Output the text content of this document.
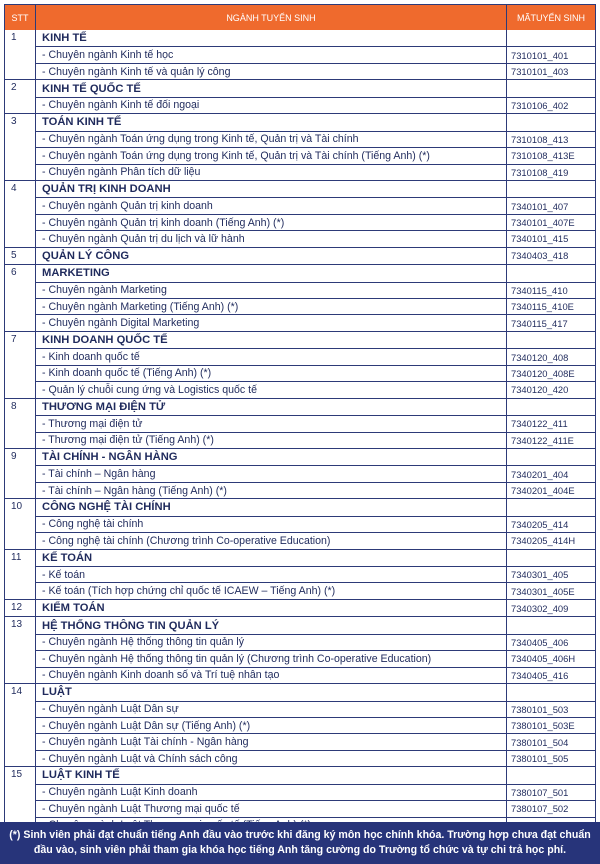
STT	NGÀNH TUYỂN SINH	MÃ TUYỂN SINH
1	KINH TẾ
- Chuyên ngành Kinh tế học	7310101_401
- Chuyên ngành Kinh tế và quản lý công	7310101_403
2	KINH TẾ QUỐC TẾ
- Chuyên ngành Kinh tế đối ngoại	7310106_402
3	TOÁN KINH TẾ
- Chuyên ngành Toán ứng dụng trong Kinh tế, Quản trị và Tài chính	7310108_413
- Chuyên ngành Toán ứng dụng trong Kinh tế, Quản trị và Tài chính (Tiếng Anh) (*)	7310108_413E
- Chuyên ngành Phân tích dữ liệu	7310108_419
4	QUẢN TRỊ KINH DOANH
- Chuyên ngành Quản trị kinh doanh	7340101_407
- Chuyên ngành Quản trị kinh doanh (Tiếng Anh) (*)	7340101_407E
- Chuyên ngành Quản trị du lịch và lữ hành	7340101_415
5	QUẢN LÝ CÔNG	7340403_418
6	MARKETING
- Chuyên ngành Marketing	7340115_410
- Chuyên ngành Marketing (Tiếng Anh) (*)	7340115_410E
- Chuyên ngành Digital Marketing	7340115_417
7	KINH DOANH QUỐC TẾ
- Kinh doanh quốc tế	7340120_408
- Kinh doanh quốc tế (Tiếng Anh) (*)	7340120_408E
- Quản lý chuỗi cung ứng và Logistics quốc tế	7340120_420
8	THƯƠNG MẠI ĐIỆN TỬ
- Thương mại điện tử	7340122_411
- Thương mại điện tử (Tiếng Anh) (*)	7340122_411E
9	TÀI CHÍNH - NGÂN HÀNG
- Tài chính – Ngân hàng	7340201_404
- Tài chính – Ngân hàng (Tiếng Anh) (*)	7340201_404E
10	CÔNG NGHỆ TÀI CHÍNH
- Công nghệ tài chính	7340205_414
- Công nghệ tài chính (Chương trình Co-operative Education)	7340205_414H
11	KẾ TOÁN
- Kế toán	7340301_405
- Kế toán (Tích hợp chứng chỉ quốc tế ICAEW – Tiếng Anh) (*)	7340301_405E
12	KIỂM TOÁN	7340302_409
13	HỆ THỐNG THÔNG TIN QUẢN LÝ
- Chuyên ngành Hệ thống thông tin quản lý	7340405_406
- Chuyên ngành Hệ thống thông tin quản lý (Chương trình Co-operative Education)	7340405_406H
- Chuyên ngành Kinh doanh số và Trí tuệ nhân tạo	7340405_416
14	LUẬT
- Chuyên ngành Luật Dân sự	7380101_503
- Chuyên ngành Luật Dân sự (Tiếng Anh) (*)	7380101_503E
- Chuyên ngành Luật Tài chính - Ngân hàng	7380101_504
- Chuyên ngành Luật và Chính sách công	7380101_505
15	LUẬT KINH TẾ
- Chuyên ngành Luật Kinh doanh	7380107_501
- Chuyên ngành Luật Thương mại quốc tế	7380107_502
(*) Sinh viên phải đạt chuẩn tiếng Anh đầu vào trước khi đăng ký môn học chính khóa. Trường hợp chưa đạt chuẩn
đầu vào, sinh viên phải tham gia khóa học tiếng Anh tăng cường do Trường tổ chức và tự chi trả học phí.
